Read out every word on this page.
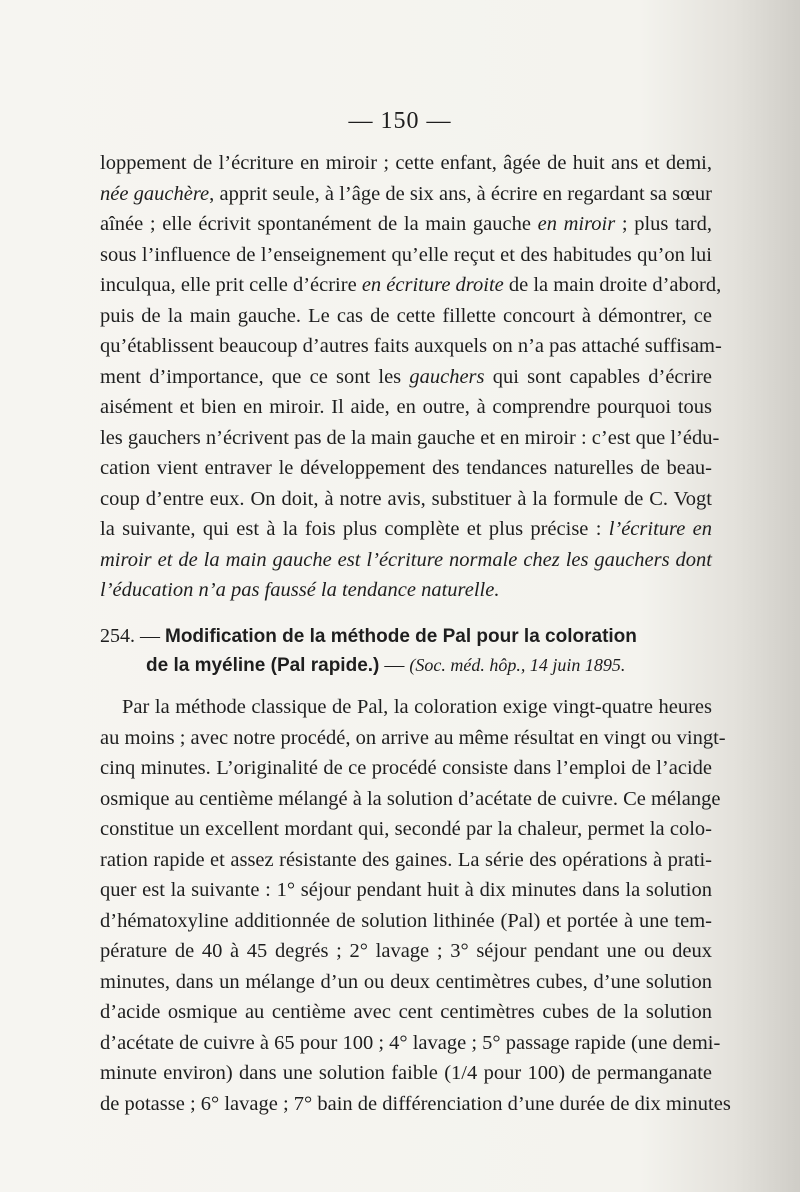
— 150 —
loppement de l’écriture en miroir ; cette enfant, âgée de huit ans et demi,
née gauchère, apprit seule, à l’âge de six ans, à écrire en regardant sa sœur
aînée ; elle écrivit spontanément de la main gauche en miroir ; plus tard,
sous l’influence de l’enseignement qu’elle reçut et des habitudes qu’on lui
inculqua, elle prit celle d’écrire en écriture droite de la main droite d’abord,
puis de la main gauche. Le cas de cette fillette concourt à démontrer, ce
qu’établissent beaucoup d’autres faits auxquels on n’a pas attaché suffisam-
ment d’importance, que ce sont les gauchers qui sont capables d’écrire
aisément et bien en miroir. Il aide, en outre, à comprendre pourquoi tous
les gauchers n’écrivent pas de la main gauche et en miroir : c’est que l’édu-
cation vient entraver le développement des tendances naturelles de beau-
coup d’entre eux. On doit, à notre avis, substituer à la formule de C. Vogt
la suivante, qui est à la fois plus complète et plus précise : l’écriture en
miroir et de la main gauche est l’écriture normale chez les gauchers dont
l’éducation n’a pas faussé la tendance naturelle.
254. — Modification de la méthode de Pal pour la coloration
de la myéline (Pal rapide.) — (Soc. méd. hôp., 14 juin 1895.
Par la méthode classique de Pal, la coloration exige vingt-quatre heures
au moins ; avec notre procédé, on arrive au même résultat en vingt ou vingt-
cinq minutes. L’originalité de ce procédé consiste dans l’emploi de l’acide
osmique au centième mélangé à la solution d’acétate de cuivre. Ce mélange
constitue un excellent mordant qui, secondé par la chaleur, permet la colo-
ration rapide et assez résistante des gaines. La série des opérations à prati-
quer est la suivante : 1° séjour pendant huit à dix minutes dans la solution
d’hématoxyline additionnée de solution lithinée (Pal) et portée à une tem-
pérature de 40 à 45 degrés ; 2° lavage ; 3° séjour pendant une ou deux
minutes, dans un mélange d’un ou deux centimètres cubes, d’une solution
d’acide osmique au centième avec cent centimètres cubes de la solution
d’acétate de cuivre à 65 pour 100 ; 4° lavage ; 5° passage rapide (une demi-
minute environ) dans une solution faible (1/4 pour 100) de permanganate
de potasse ; 6° lavage ; 7° bain de différenciation d’une durée de dix minutes
